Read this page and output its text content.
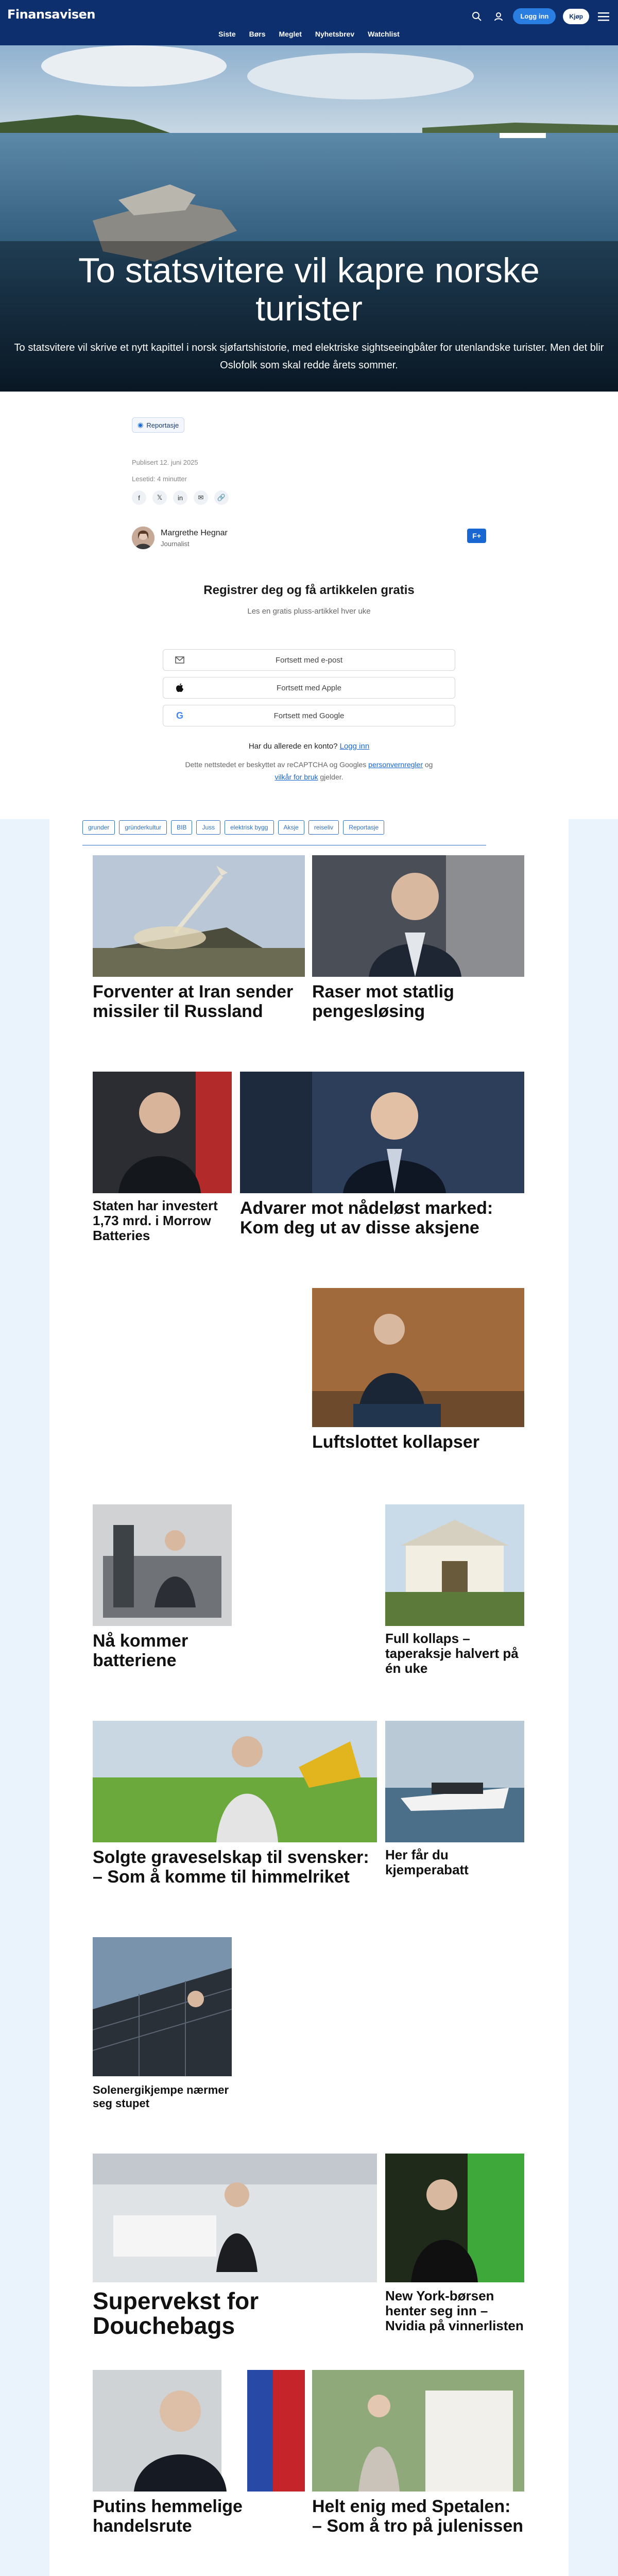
Finansavisen
Siste Børs Meglet Nyhetsbrev Watchlist
Logg inn	Kjøp
To statsvitere vil kapre norske turister
To statsvitere vil skrive et nytt kapittel i norsk sjøfartshistorie, med elektriske sightseeingbåter for utenlandske turister. Men det blir Oslofolk som skal redde årets sommer.
◉ Reportasje
Publisert 12. juni 2025
Lesetid: 4 minutter
f	𝕏	in	✉	🔗
Margrethe Hegnar
Journalist
F+
Registrer deg og få artikkelen gratis
Les en gratis pluss-artikkel hver uke
Fortsett med e-post
Fortsett med Apple
G	Fortsett med Google
Har du allerede en konto? Logg inn
Dette nettstedet er beskyttet av reCAPTCHA og Googles personvernregler og
vilkår for bruk gjelder.
grunder	gründerkultur	BIB	Juss	elektrisk bygg	Aksje	reiseliv	Reportasje
Forventer at Iran sender missiler til Russland
Raser mot statlig pengesløsing
Staten har investert 1,73 mrd. i Morrow Batteries
Advarer mot nådeløst marked: Kom deg ut av disse aksjene
Luftslottet kollapser
Nå kommer batteriene
Full kollaps – taperaksje halvert på én uke
Solgte graveselskap til svensker: – Som å komme til himmelriket
Her får du kjemperabatt
Solenergikjempe nærmer seg stupet
Supervekst for Douchebags
New York-børsen henter seg inn – Nvidia på vinnerlisten
Putins hemmelige handelsrute
Helt enig med Spetalen: – Som å tro på julenissen
